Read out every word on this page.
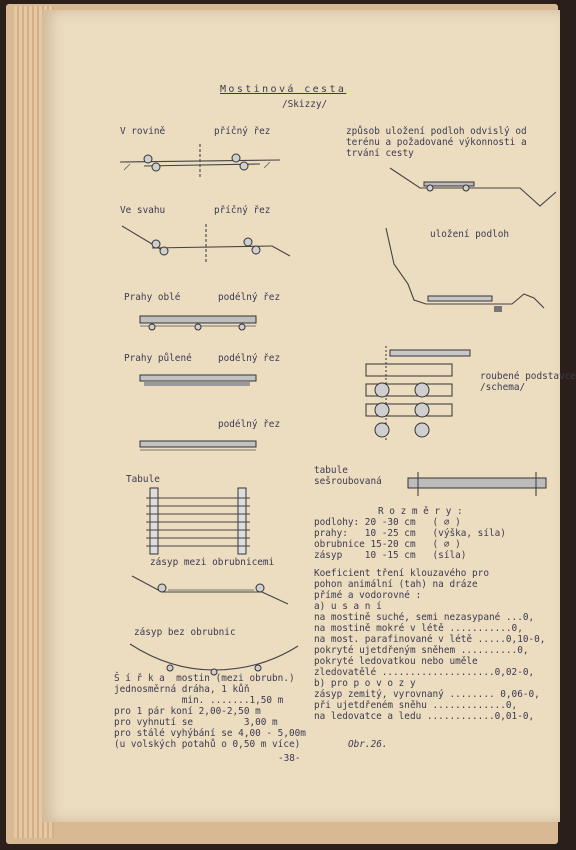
Mostinová cesta
/Skizzy/
V rovině	příčný řez
Ve svahu	příčný řez
Prahy oblé	podélný řez
Prahy půlené	podélný řez
podélný řez
Tabule
zásyp mezi obrubnicemi
zásyp bez obrubnic
způsob uložení podloh odvislý od
terénu a požadované výkonnosti a
trvání cesty
uložení podloh
roubené podstavce
/schema/
tabule
sešroubovaná
R o z m ě r y :
podlohy: 20 -30 cm   ( ⌀ )
prahy:   10 -25 cm   (výška, síla)
obrubnice 15-20 cm   ( ⌀ )
zásyp    10 -15 cm   (síla)
Koeficient tření klouzavého pro
pohon animální (tah) na dráze
přímé a vodorovné :
a) u s a n í
na mostině suché, semi nezasypané ...0,
na mostině mokré v létě ...........0,
na most. parafinované v létě .....0,10-0,
pokryté ujetdřeným sněhem ..........0,
pokryté ledovatkou nebo uměle
zledovatělé ....................0,02-0,
b) pro p o v o z y
zásyp zemitý, vyrovnaný ........ 0,06-0,
při ujetdřeném sněhu .............0,
na ledovatce a ledu ............0,01-0,
Š í ř k a  mostin (mezi obrubn.)
jednosměrná dráha, 1 kůň
min. .......1,50 m
pro 1 pár koní 2,00-2,50 m
pro vyhnutí se         3,00 m
pro stálé vyhýbání se 4,00 - 5,00m
(u volských potahů o 0,50 m více)	Obr.26.
-38-
